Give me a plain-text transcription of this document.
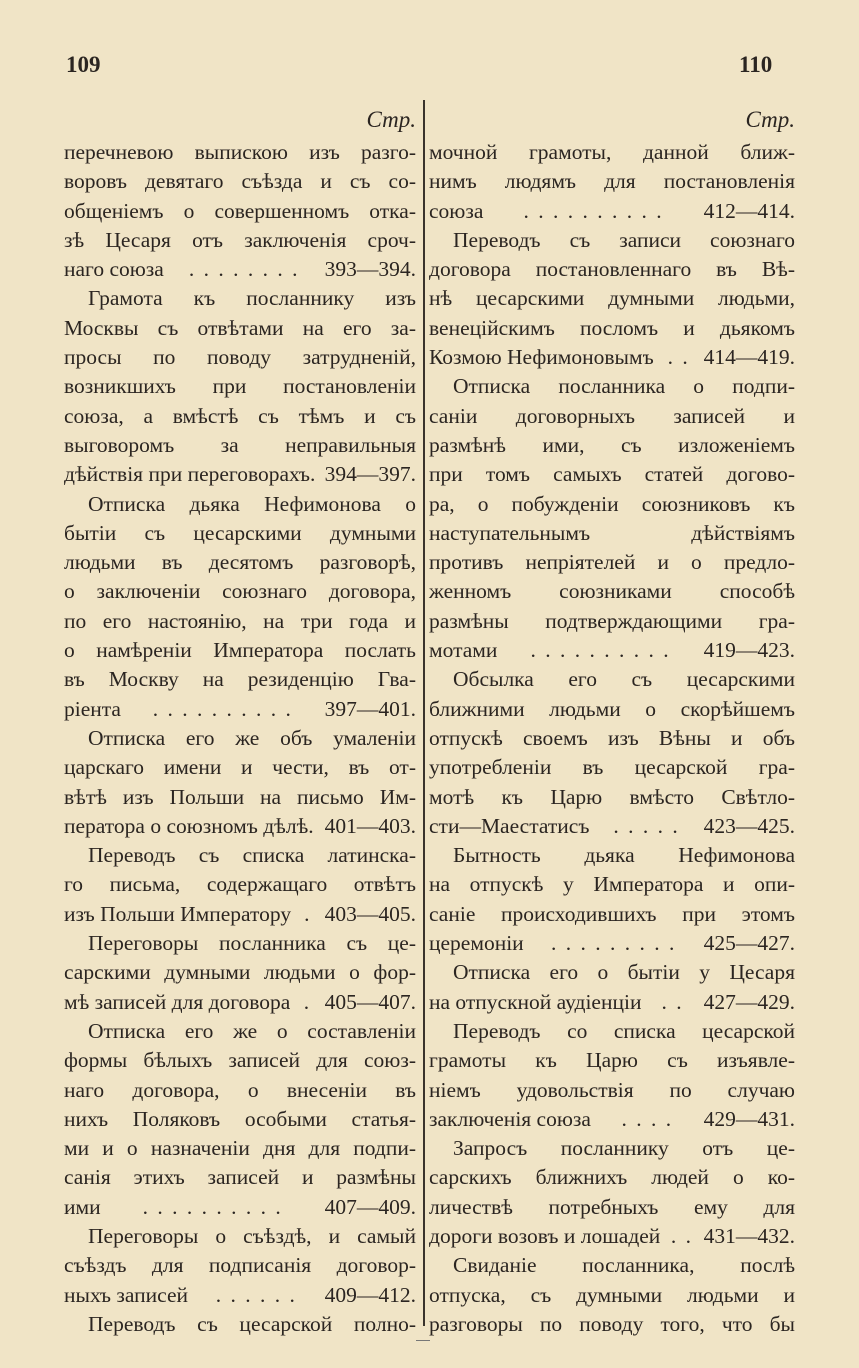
109	110
Стр.
перечневою выпискою изъ разго-
воровъ девятаго съѣзда и съ со-
общеніемъ о совершенномъ отка-
зѣ Цесаря отъ заключенія сроч-
наго союза	. . . . . . . .	393—394.
Грамота къ посланнику изъ
Москвы съ отвѣтами на его за-
просы по поводу затрудненій,
возникшихъ при постановленіи
союза, а вмѣстѣ съ тѣмъ и съ
выговоромъ за неправильныя
дѣйствія при переговорахъ. 394—397.
Отписка дьяка Нефимонова о
бытіи съ цесарскими думными
людьми въ десятомъ разговорѣ,
о заключеніи союзнаго договора,
по его настоянію, на три года и
о намѣреніи Императора послать
въ Москву на резиденцію Гва-
ріента	. . . . . . . . . .	397—401.
Отписка его же объ умаленіи
царскаго имени и чести, въ от-
вѣтѣ изъ Польши на письмо Им-
ператора о союзномъ дѣлѣ. 401—403.
Переводъ съ списка латинска-
го письма, содержащаго отвѣтъ
изъ Польши Императору . 403—405.
Переговоры посланника съ це-
сарскими думными людьми о фор-
мѣ записей для договора . 405—407.
Отписка его же о составленіи
формы бѣлыхъ записей для союз-
наго договора, о внесеніи въ
нихъ Поляковъ особыми статья-
ми и о назначеніи дня для подпи-
санія этихъ записей и размѣны
ими	. . . . . . . . . .	407—409.
Переговоры о съѣздѣ, и самый
съѣздъ для подписанія договор-
ныхъ записей	. . . . . .	409—412.
Переводъ съ цесарской полно-
Стр.
мочной грамоты, данной ближ-
нимъ людямъ для постановленія
союза	. . . . . . . . . .	412—414.
Переводъ съ записи союзнаго
договора постановленнаго въ Вѣ-
нѣ цесарскими думными людьми,
венецiйскимъ посломъ и дьякомъ
Козмою Нефимоновымъ . . 414—419.
Отписка посланника о подпи-
саніи договорныхъ записей и
размѣнѣ ими, съ изложеніемъ
при томъ самыхъ статей догово-
ра, о побужденіи союзниковъ къ
наступательнымъ дѣйствіямъ
противъ непріятелей и о предло-
женномъ союзниками способѣ
размѣны подтверждающими гра-
мотами	. . . . . . . . . .	419—423.
Обсылка его съ цесарскими
ближними людьми о скорѣйшемъ
отпускѣ своемъ изъ Вѣны и объ
употребленіи въ цесарской гра-
мотѣ къ Царю вмѣсто Свѣтло-
сти—Маестатисъ	. . . . .	423—425.
Бытность дьяка Нефимонова
на отпускѣ у Императора и опи-
саніе происходившихъ при этомъ
церемоніи	. . . . . . . . .	425—427.
Отписка его о бытіи у Цесаря
на отпускной аудіенціи . . 427—429.
Переводъ со списка цесарской
грамоты къ Царю съ изъявле-
ніемъ удовольствія по случаю
заключенія союза	. . . .	429—431.
Запросъ посланнику отъ це-
сарскихъ ближнихъ людей о ко-
личествѣ потребныхъ ему для
дороги возовъ и лошадей . . 431—432.
Свиданіе посланника, послѣ
отпуска, съ думными людьми и
разговоры по поводу того, что бы
